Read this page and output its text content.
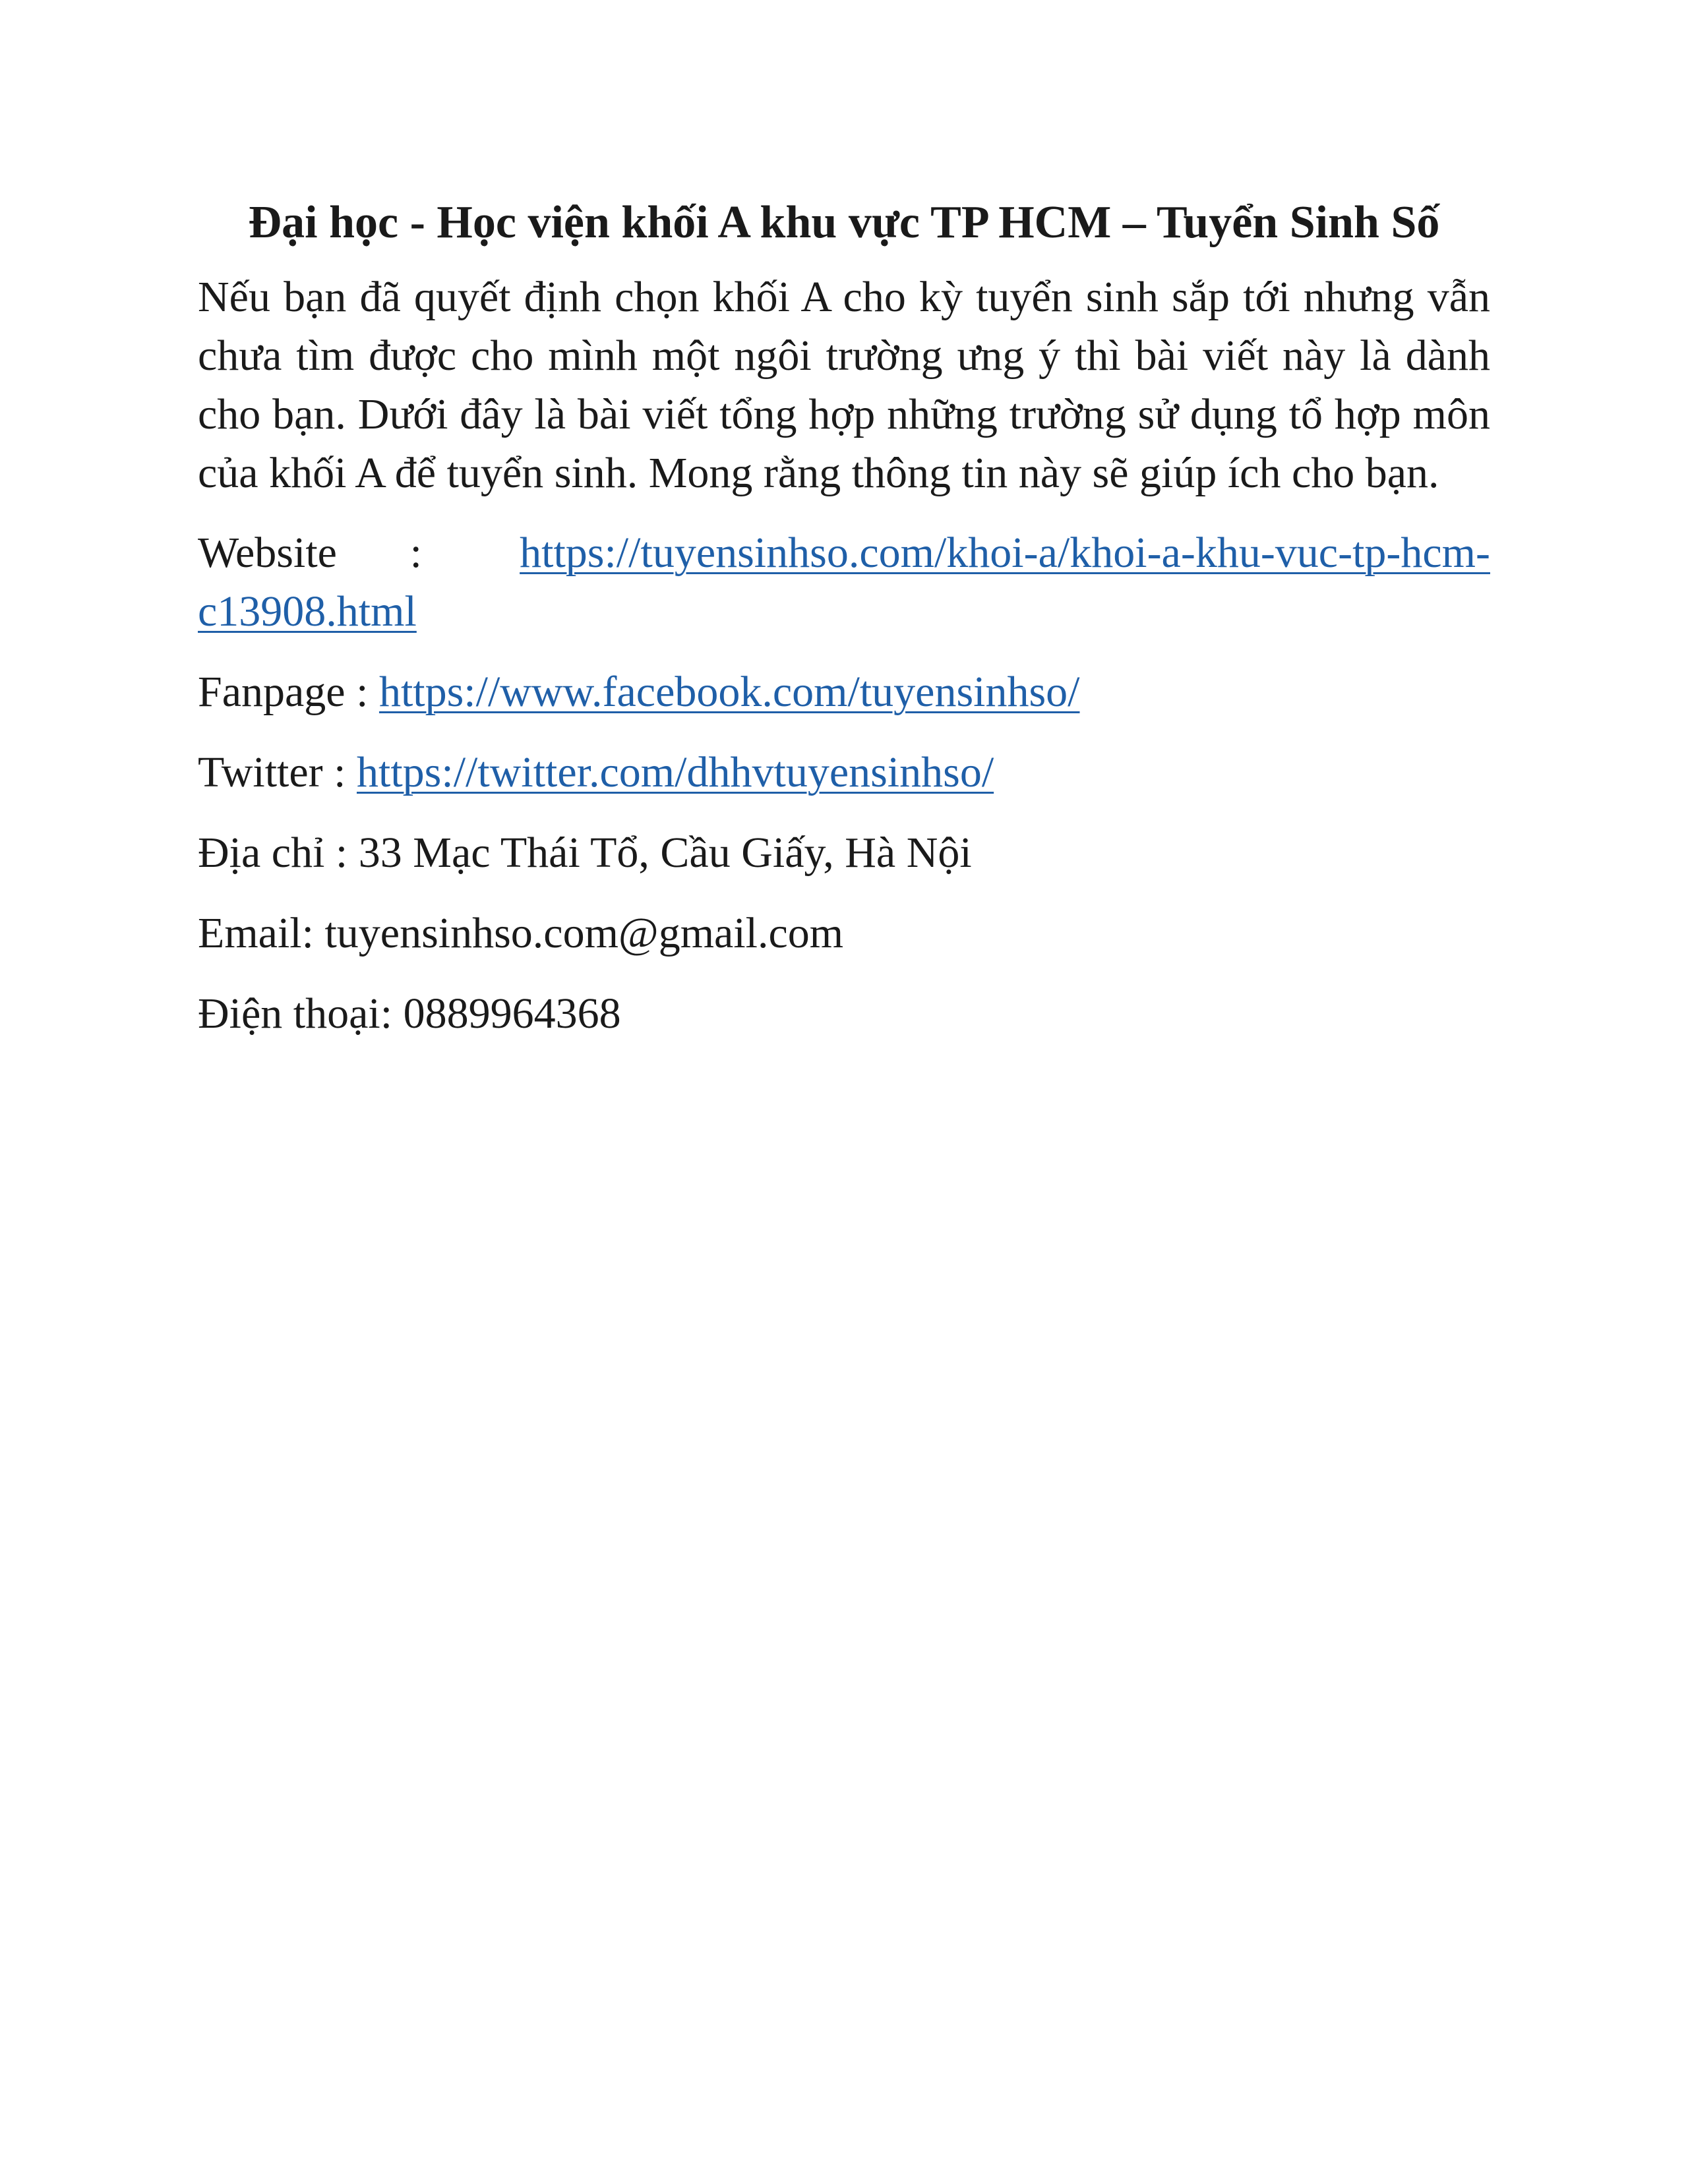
Đại học - Học viện khối A khu vực TP HCM – Tuyển Sinh Số

Nếu bạn đã quyết định chọn khối A cho kỳ tuyển sinh sắp tới nhưng vẫn chưa tìm được cho mình một ngôi trường ưng ý thì bài viết này là dành cho bạn. Dưới đây là bài viết tổng hợp những trường sử dụng tổ hợp môn của khối A để tuyển sinh. Mong rằng thông tin này sẽ giúp ích cho bạn.

Website : https://tuyensinhso.com/khoi-a/khoi-a-khu-vuc-tp-hcm-c13908.html

Fanpage : https://www.facebook.com/tuyensinhso/

Twitter : https://twitter.com/dhhvtuyensinhso/

Địa chỉ : 33 Mạc Thái Tổ, Cầu Giấy, Hà Nội

Email: tuyensinhso.com@gmail.com

Điện thoại: 0889964368
